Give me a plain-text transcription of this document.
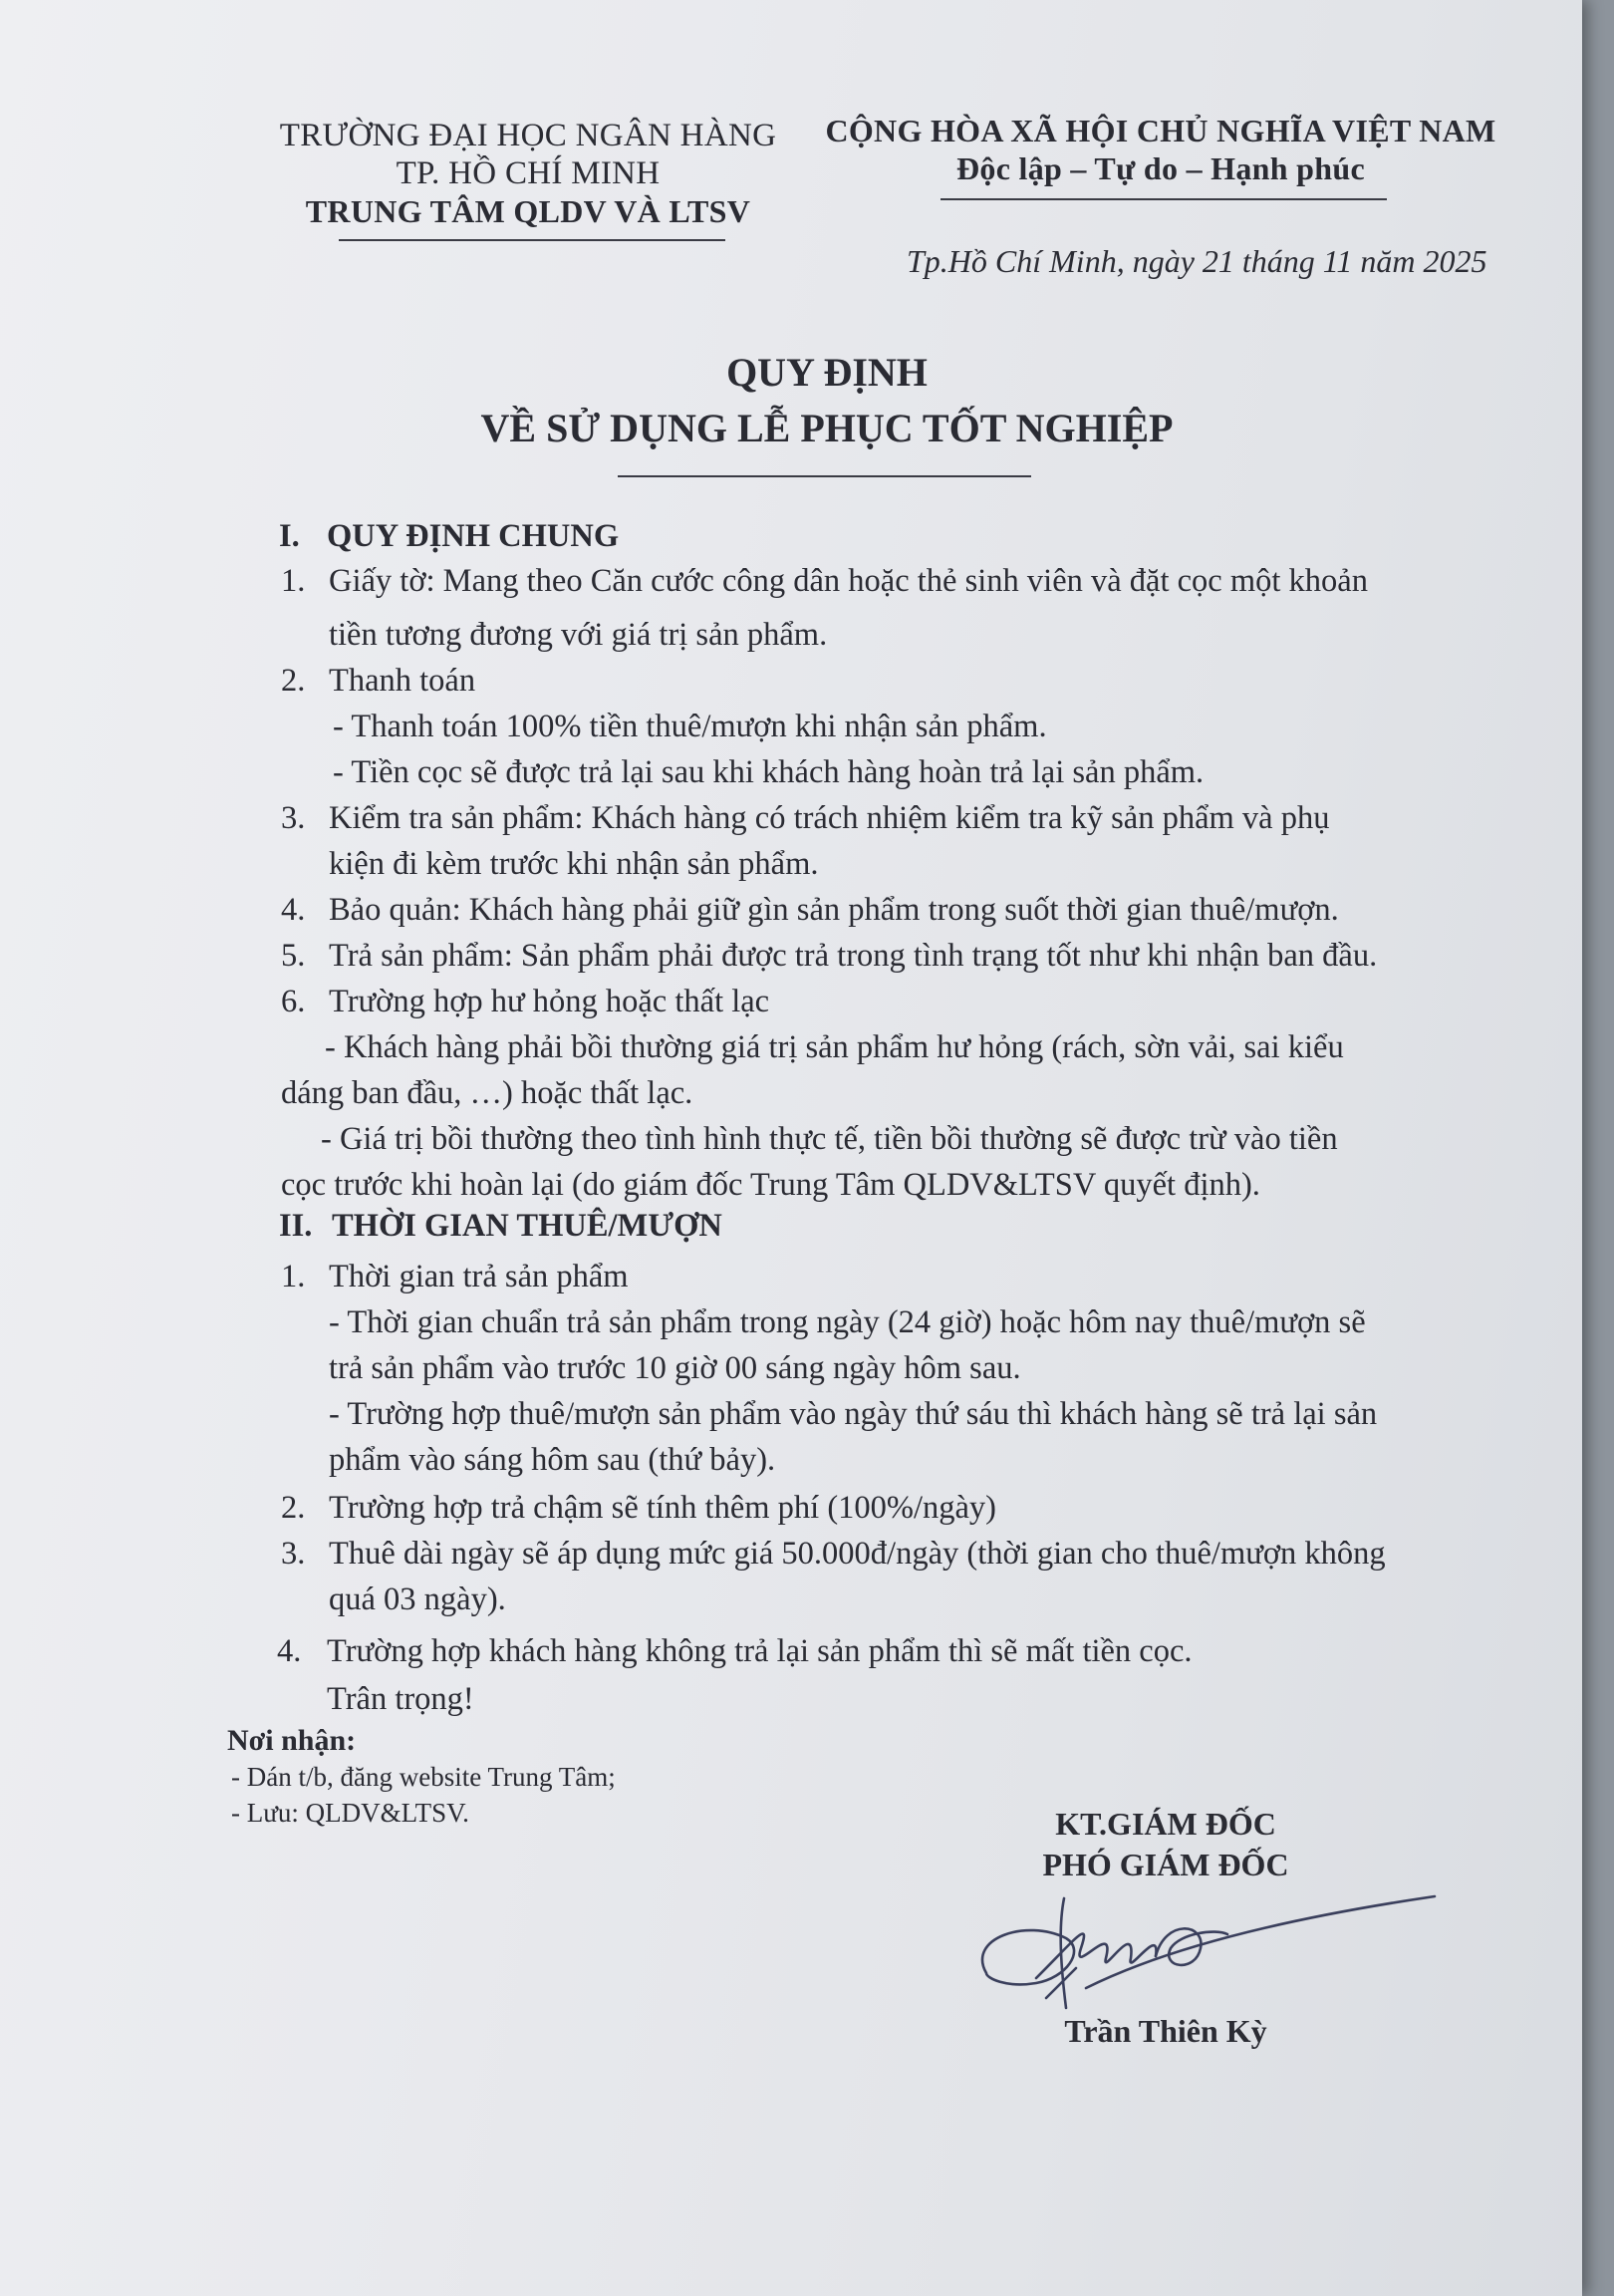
TRƯỜNG ĐẠI HỌC NGÂN HÀNG
TP. HỒ CHÍ MINH
TRUNG TÂM QLDV VÀ LTSV
CỘNG HÒA XÃ HỘI CHỦ NGHĨA VIỆT NAM
Độc lập – Tự do – Hạnh phúc
Tp.Hồ Chí Minh, ngày 21 tháng 11 năm 2025
QUY ĐỊNH
VỀ SỬ DỤNG LỄ PHỤC TỐT NGHIỆP
I. QUY ĐỊNH CHUNG
1. Giấy tờ: Mang theo Căn cước công dân hoặc thẻ sinh viên và đặt cọc một khoản
tiền tương đương với giá trị sản phẩm.
2. Thanh toán
- Thanh toán 100% tiền thuê/mượn khi nhận sản phẩm.
- Tiền cọc sẽ được trả lại sau khi khách hàng hoàn trả lại sản phẩm.
3. Kiểm tra sản phẩm: Khách hàng có trách nhiệm kiểm tra kỹ sản phẩm và phụ
kiện đi kèm trước khi nhận sản phẩm.
4. Bảo quản: Khách hàng phải giữ gìn sản phẩm trong suốt thời gian thuê/mượn.
5. Trả sản phẩm: Sản phẩm phải được trả trong tình trạng tốt như khi nhận ban đầu.
6. Trường hợp hư hỏng hoặc thất lạc
- Khách hàng phải bồi thường giá trị sản phẩm hư hỏng (rách, sờn vải, sai kiểu
dáng ban đầu, …) hoặc thất lạc.
- Giá trị bồi thường theo tình hình thực tế, tiền bồi thường sẽ được trừ vào tiền
cọc trước khi hoàn lại (do giám đốc Trung Tâm QLDV&LTSV quyết định).
II. THỜI GIAN THUÊ/MƯỢN
1. Thời gian trả sản phẩm
- Thời gian chuẩn trả sản phẩm trong ngày (24 giờ) hoặc hôm nay thuê/mượn sẽ
trả sản phẩm vào trước 10 giờ 00 sáng ngày hôm sau.
- Trường hợp thuê/mượn sản phẩm vào ngày thứ sáu thì khách hàng sẽ trả lại sản
phẩm vào sáng hôm sau (thứ bảy).
2. Trường hợp trả chậm sẽ tính thêm phí (100%/ngày)
3. Thuê dài ngày sẽ áp dụng mức giá 50.000đ/ngày (thời gian cho thuê/mượn không
quá 03 ngày).
4. Trường hợp khách hàng không trả lại sản phẩm thì sẽ mất tiền cọc.
Trân trọng!
Nơi nhận:
- Dán t/b, đăng website Trung Tâm;
- Lưu: QLDV&LTSV.	KT.GIÁM ĐỐC
PHÓ GIÁM ĐỐC
Trần Thiên Kỳ
